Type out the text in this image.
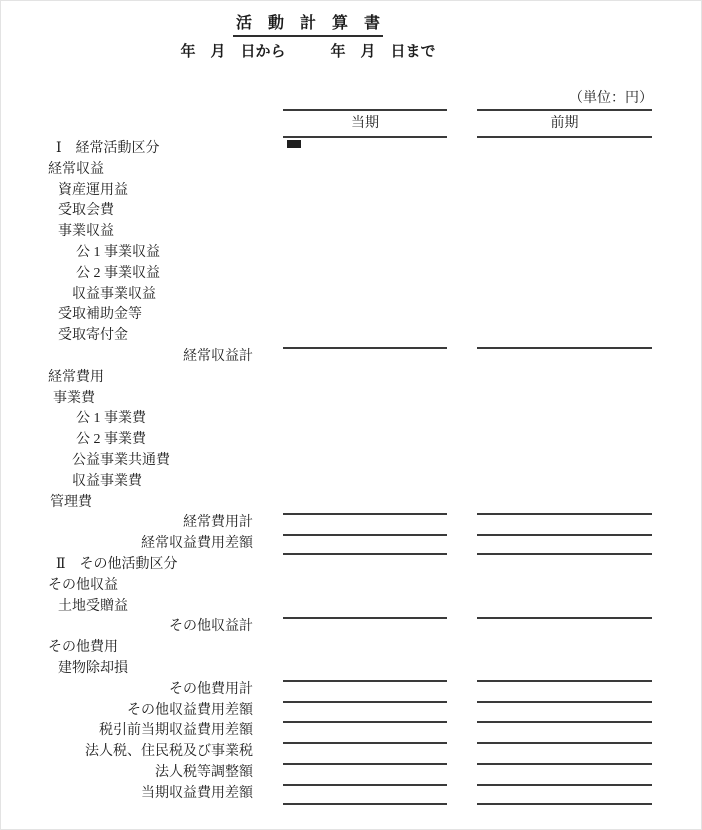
活　動　計　算　書
年　月　日から　　　年　月　日まで
（単位：円）
当期	前期
Ⅰ　経常活動区分
経常収益
資産運用益
受取会費
事業収益
公 1 事業収益
公 2 事業収益
収益事業収益
受取補助金等
受取寄付金
経常収益計
経常費用
事業費
公 1 事業費
公 2 事業費
公益事業共通費
収益事業費
管理費
経常費用計
経常収益費用差額
Ⅱ　その他活動区分
その他収益
土地受贈益
その他収益計
その他費用
建物除却損
その他費用計
その他収益費用差額
税引前当期収益費用差額
法人税、住民税及び事業税
法人税等調整額
当期収益費用差額
